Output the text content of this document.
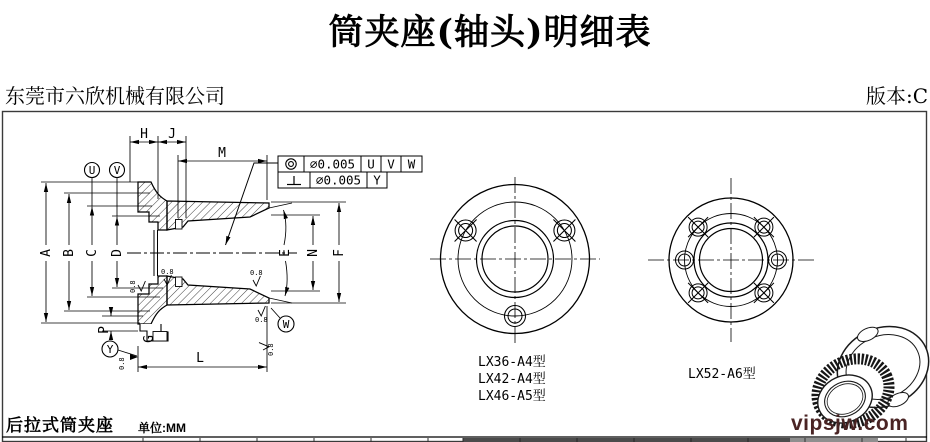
H J
M
A B C D	E N F
L
P
G
U V
W
Y
0.8
0.8	0.8
0.8
0.8
0.8
⌀0.005 U V W
⌀0.005 Y
LX36-A4型
LX42-A4型
LX46-A5型
LX52-A6型
筒夹座(轴头)明细表
东莞市六欣机械有限公司	版本:C
后拉式筒夹座 单位:MM	vipsjw.com
